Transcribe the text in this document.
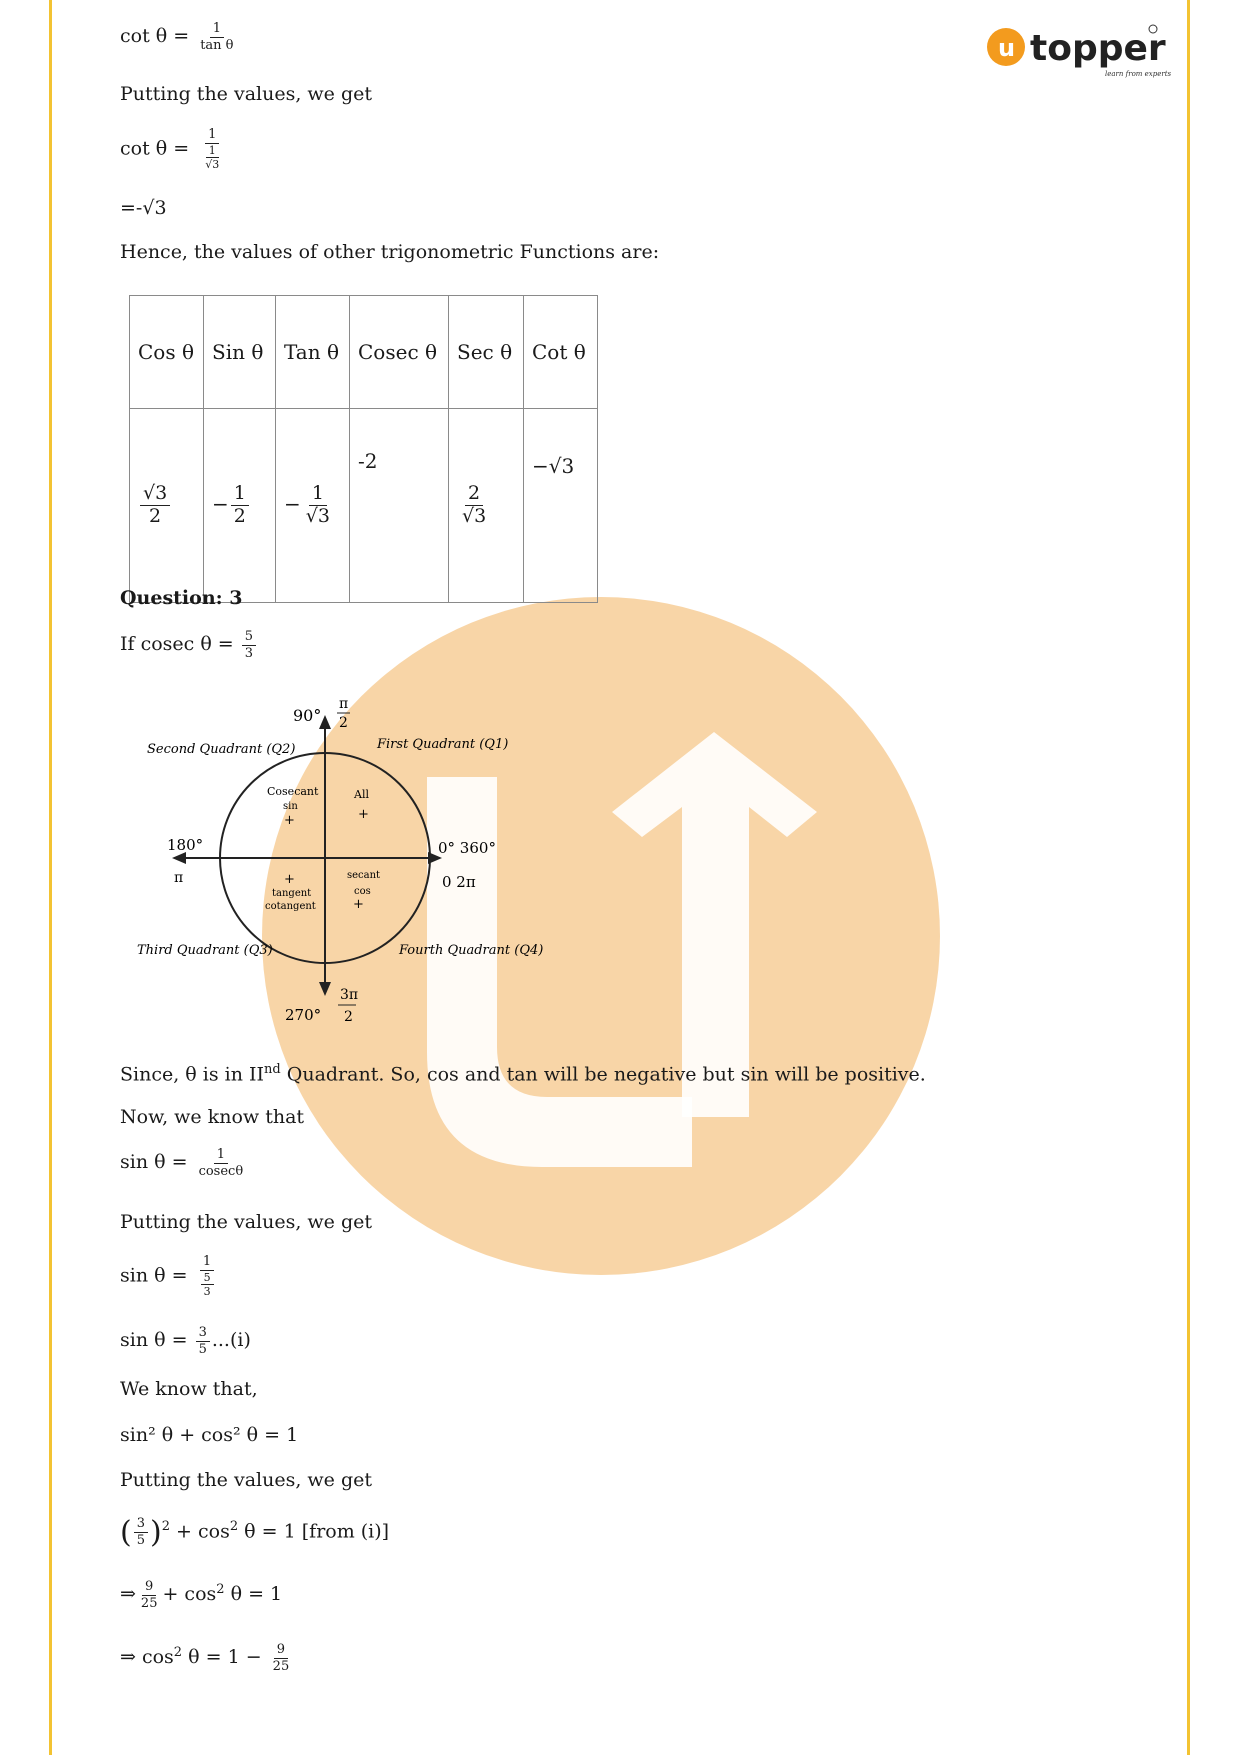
u topper
learn from experts
$\cot \theta = \frac{1}{\text{tan θ}}$
Putting the values, we get
$\cot \theta = \frac{1}{\frac{1}{√3}}$
=-√3
Hence, the values of other trigonometric Functions are:
Cos θ	Sin θ	Tan θ	Cosec θ	Sec θ	Cot θ

$\frac{√3}{2}$	− $\frac{1}{2}$	− $\frac{1}{√3}$	-2	$\frac{2}{√3}$	−√3
Question: 3
If cosec $\theta = \frac{5}{3}$
90°
π
2
Second Quadrant (Q2)	First Quadrant (Q1)
Third Quadrant (Q3)	Fourth Quadrant (Q4)
180°
π
0° 360°
0 2π
270°
3π
2
Cosecant
sin
+
All
+
+
tangent
cotangent
secant
cos
+
Since, θ is in IInd Quadrant. So, cos and tan will be negative but sin will be positive.
Now, we know that
$\sin \theta = \frac{1}{cosec\theta}$
Putting the values, we get
$\sin \theta = \frac{1}{\frac{5}{3}}$
$\sin \theta = \frac{3}{5} ...(i)$
We know that,
sin² θ + cos² θ = 1
Putting the values, we get
( $\frac{3}{5} )^2 + \cos^2 \theta = 1$ [from (i)]
⇒ $\frac{9}{25} + \cos^2 \theta = 1$
⇒ $\cos^2 \theta = 1 - \frac{9}{25}$
